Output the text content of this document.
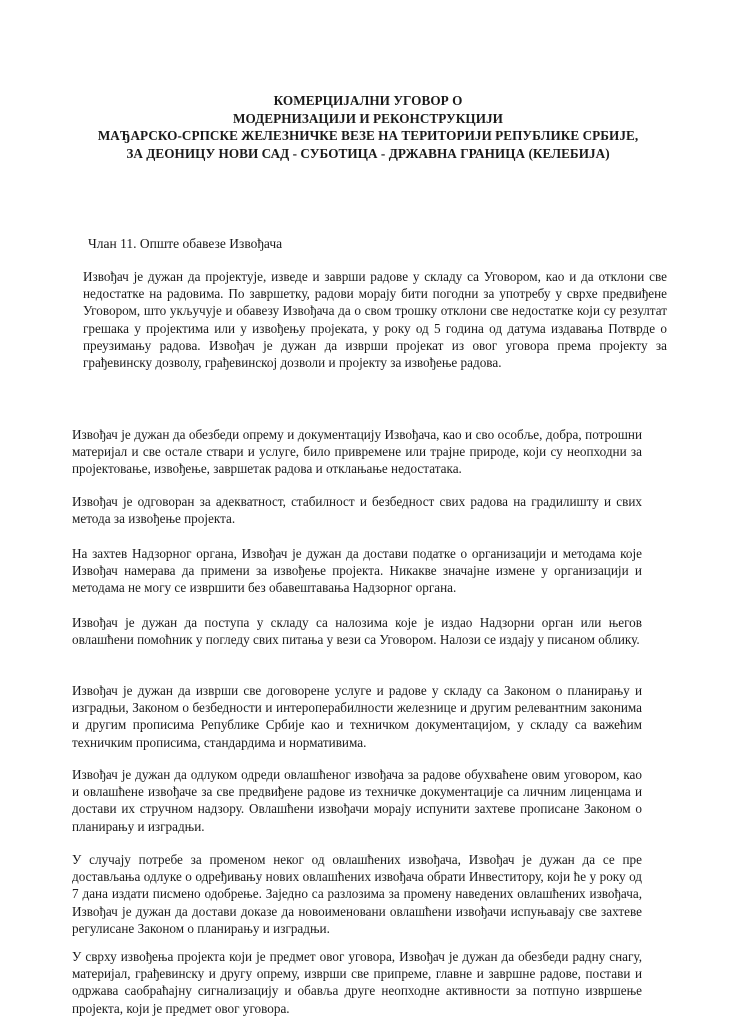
КОМЕРЦИЈАЛНИ УГОВОР О
МОДЕРНИЗАЦИЈИ И РЕКОНСТРУКЦИЈИ
МАЂАРСКО-СРПСКЕ ЖЕЛЕЗНИЧКЕ ВЕЗЕ НА ТЕРИТОРИЈИ РЕПУБЛИКЕ СРБИЈЕ,
ЗА ДЕОНИЦУ НОВИ САД - СУБОТИЦА - ДРЖАВНА ГРАНИЦА (КЕЛЕБИЈА)
Члан 11. Опште обавезе Извођача

Извођач је дужан да пројектује, изведе и заврши радове у складу са Уговором, као и да отклони све недостатке на радовима. По завршетку, радови морају бити погодни за употребу у сврхе предвиђене Уговором, што укључује и обавезу Извођача да о свом трошку отклони све недостатке који су резултат грешака у пројектима или у извођењу пројеката, у року од 5 година од датума издавања Потврде о преузимању радова. Извођач је дужан да изврши пројекат из овог уговора према пројекту за грађевинску дозволу, грађевинској дозволи и пројекту за извођење радова.

Извођач је дужан да обезбеди опрему и документацију Извођача, као и сво особље, добра, потрошни материјал и све остале ствари и услуге, било привремене или трајне природе, који су неопходни за пројектовање, извођење, завршетак радова и отклањање недостатака.

Извођач је одговоран за адекватност, стабилност и безбедност свих радова на градилишту и свих метода за извођење пројекта.

На захтев Надзорног органа, Извођач је дужан да достави податке о организацији и методама које Извођач намерава да примени за извођење пројекта. Никакве значајне измене у организацији и методама не могу се извршити без обавештавања Надзорног органа.

Извођач је дужан да поступа у складу са налозима које је издао Надзорни орган или његов овлашћени помоћник у погледу свих питања у вези са Уговором. Налози се издају у писаном облику.

Извођач је дужан да изврши све договорене услуге и радове у складу са Законом о планирању и изградњи, Законом о безбедности и интероперабилности железнице и другим релевантним законима и другим прописима Републике Србије као и техничком документацијом, у складу са важећим техничким прописима, стандардима и нормативима.

Извођач је дужан да одлуком одреди овлашћеног извођача за радове обухваћене овим уговором, као и овлашћене извођаче за све предвиђене радове из техничке документације са личним лиценцама и достави их стручном надзору. Овлашћени извођачи морају испунити захтеве прописане Законом о планирању и изградњи.

У случају потребе за променом неког од овлашћених извођача, Извођач је дужан да се пре достављања одлуке о одређивању нових овлашћених извођача обрати Инвеститору, који ће у року од 7 дана издати писмено одобрење. Заједно са разлозима за промену наведених овлашћених извођача, Извођач је дужан да достави доказе да новоименовани овлашћени извођачи испуњавају све захтеве регулисане Законом о планирању и изградњи.

У сврху извођења пројекта који је предмет овог уговора, Извођач је дужан да обезбеди радну снагу, материјал, грађевинску и другу опрему, изврши све припреме, главне и завршне радове, постави и одржава саобраћајну сигнализацију и обавља друге неопходне активности за потпуно извршење пројекта, који је предмет овог уговора.
